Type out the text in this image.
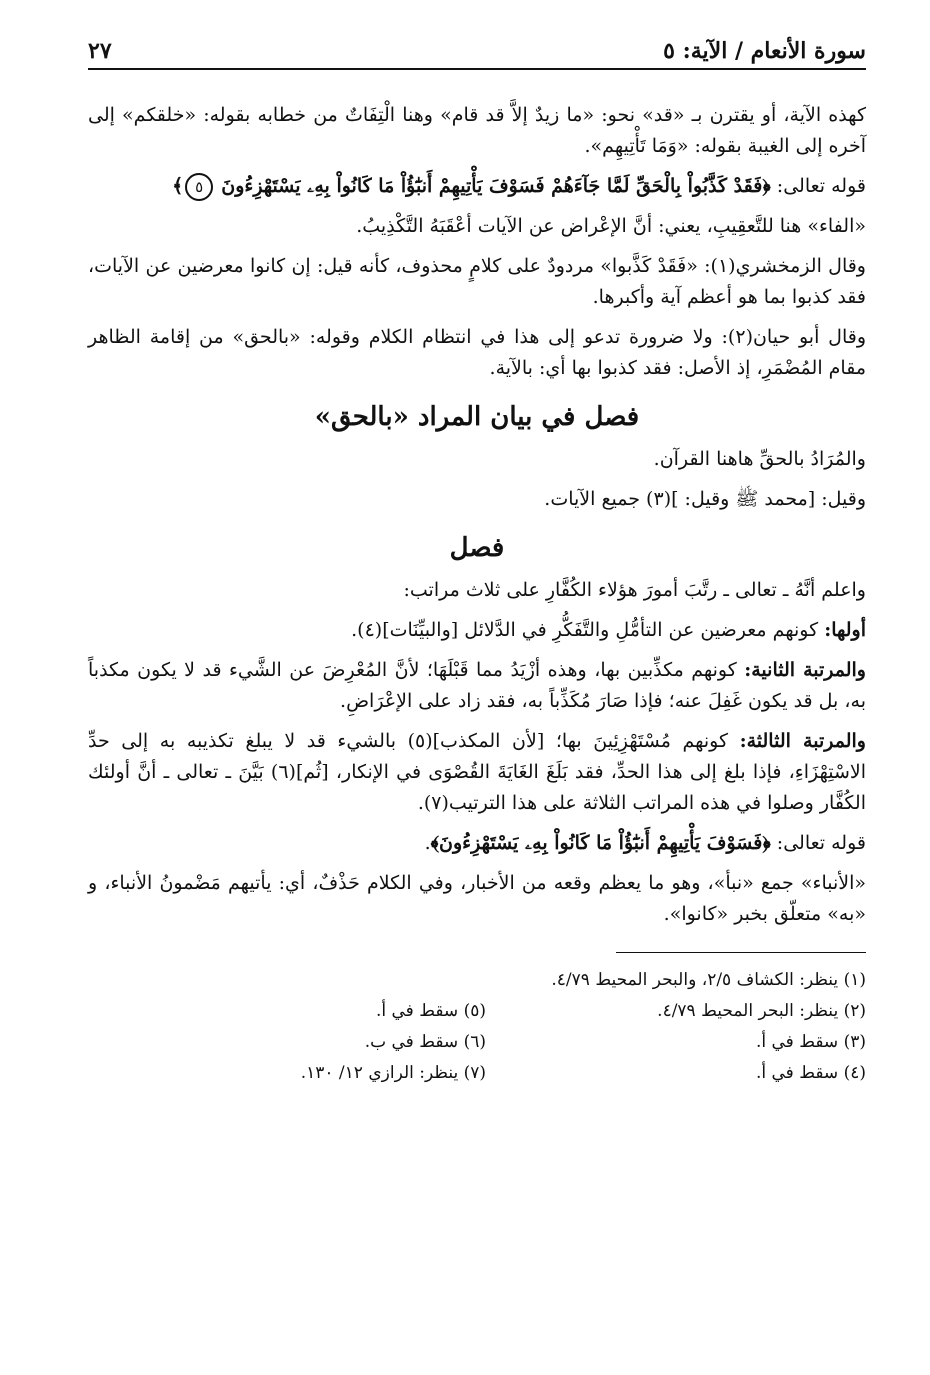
سورة الأنعام / الآية: ٥
٢٧

كهذه الآية، أو يقترن بـ «قد» نحو: «ما زيدٌ إلاَّ قد قام» وهنا الْتِفَاتٌ من خطابه بقوله: «خلقكم» إلى آخره إلى الغيبة بقوله: «وَمَا تَأْتِيهِم».

قوله تعالى: ﴿فَقَدْ كَذَّبُواْ بِالْحَقِّ لَمَّا جَآءَهُمْ فَسَوْفَ يَأْتِيهِمْ أَنبَٰٓؤُاْ مَا كَانُواْ بِهِۦ يَسْتَهْزِءُونَ ٥﴾

«الفاء» هنا للتَّعقِيبِ، يعني: أنَّ الإعْراض عن الآيات أعْقَبَهُ التَّكْذِيبُ.

وقال الزمخشري(١): «فَقَدْ كَذَّبوا» مردودٌ على كلامٍ محذوف، كأنه قيل: إن كانوا معرضين عن الآيات، فقد كذبوا بما هو أعظم آية وأكبرها.

وقال أبو حيان(٢): ولا ضرورة تدعو إلى هذا في انتظام الكلام وقوله: «بالحق» من إقامة الظاهر مقام المُضْمَرِ، إذ الأصل: فقد كذبوا بها أي: بالآية.

فصل في بيان المراد «بالحق»

والمُرَادُ بالحقِّ هاهنا القرآن.

وقيل: [محمد ﷺ وقيل: ](٣) جميع الآيات.

فصل

واعلم أنَّهُ ـ تعالى ـ رتَّبَ أمورَ هؤلاء الكُفَّارِ على ثلاث مراتب:

أولها: كونهم معرضين عن التأمُّلِ والتَّفَكُّرِ في الدَّلائل [والبيِّنَات](٤).

والمرتبة الثانية: كونهم مكذِّبين بها، وهذه أزْيَدُ مما قَبْلَهَا؛ لأنَّ المُعْرِضَ عن الشَّيء قد لا يكون مكذباً به، بل قد يكون غَفِلَ عنه؛ فإذا صَارَ مُكَذِّباً به، فقد زاد على الإعْرَاضِ.

والمرتبة الثالثة: كونهم مُسْتَهْزِئِينَ بها؛ [لأن المكذب](٥) بالشيء قد لا يبلغ تكذيبه به إلى حدِّ الاسْتِهْزَاءِ، فإذا بلغ إلى هذا الحدِّ، فقد بَلَغَ الغَايَةَ القُصْوَى في الإنكار، [ثُم](٦) بَيَّنَ ـ تعالى ـ أنَّ أولئك الكُفَّار وصلوا في هذه المراتب الثلاثة على هذا الترتيب(٧).

قوله تعالى: ﴿فَسَوْفَ يَأْتِيهِمْ أَنبَٰٓؤُاْ مَا كَانُواْ بِهِۦ يَسْتَهْزِءُونَ﴾.

«الأنباء» جمع «نبأ»، وهو ما يعظم وقعه من الأخبار، وفي الكلام حَذْفٌ، أي: يأتيهم مَضْمونُ الأنباء، و «به» متعلّق بخبر «كانوا».

(١) ينظر: الكشاف ٢/٥، والبحر المحيط ٤/٧٩.
(٢) ينظر: البحر المحيط ٤/٧٩.
(٥) سقط في أ.
(٣) سقط في أ.
(٦) سقط في ب.
(٤) سقط في أ.
(٧) ينظر: الرازي ١٢/ ١٣٠.
